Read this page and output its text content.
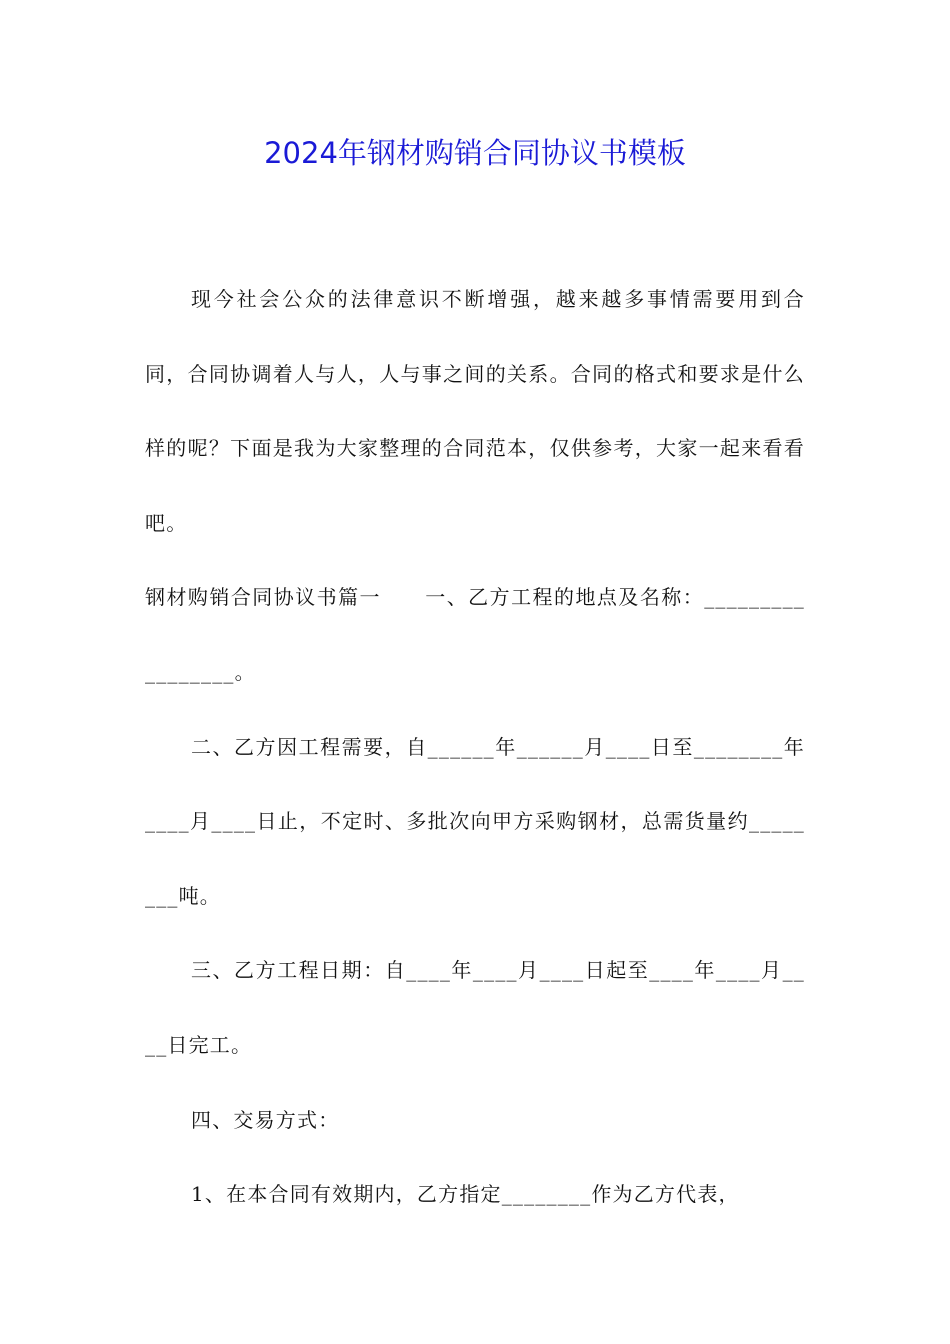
2024年钢材购销合同协议书模板

现今社会公众的法律意识不断增强，越来越多事情需要用到合同，合同协调着人与人，人与事之间的关系。合同的格式和要求是什么样的呢？下面是我为大家整理的合同范本，仅供参考，大家一起来看看吧。

钢材购销合同协议书篇一 一、乙方工程的地点及名称：_________________。

二、乙方因工程需要，自______年______月____日至________年____月____日止，不定时、多批次向甲方采购钢材，总需货量约________吨。

三、乙方工程日期：自____年____月____日起至____年____月____日完工。

四、交易方式：

1、在本合同有效期内，乙方指定________作为乙方代表，
